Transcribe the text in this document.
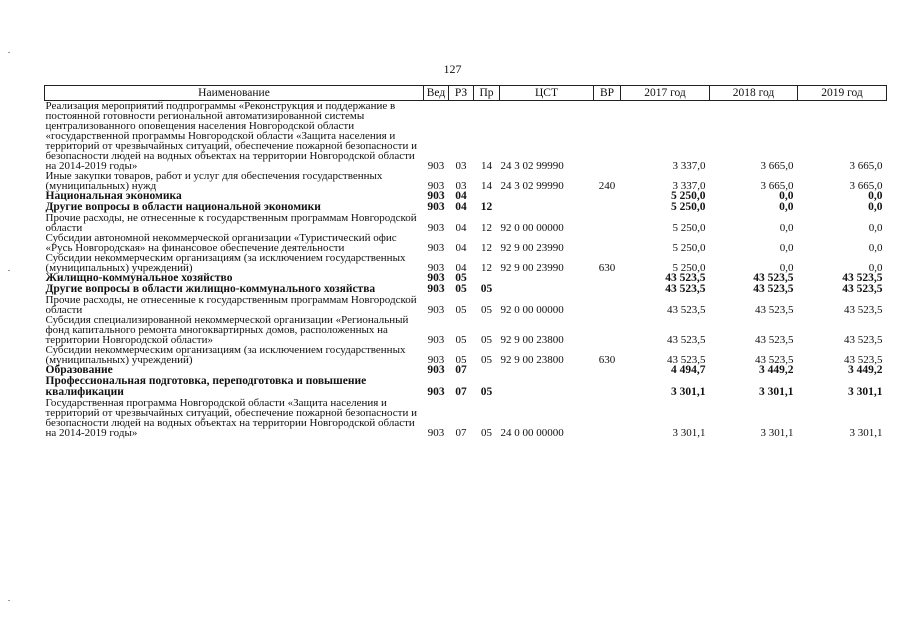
127
Наименование	Вед	РЗ	Пр	ЦСТ	ВР	2017 год	2018 год	2019 год
Реализация мероприятий подпрограммы «Реконструкция и поддержание в постоянной готовности региональной автоматизированной системы централизованного оповещения населения Новгородской области «государственной программы Новгородской области «Защита населения и территорий от чрезвычайных ситуаций, обеспечение пожарной безопасности и безопасности людей на водных объектах на территории Новгородской области на 2014-2019 годы»	903	03	14	24 3 02 99990		3 337,0	3 665,0	3 665,0
Иные закупки товаров, работ и услуг для обеспечения государственных (муниципальных) нужд	903	03	14	24 3 02 99990	240	3 337,0	3 665,0	3 665,0
Национальная экономика	903	04				5 250,0	0,0	0,0
Другие вопросы в области национальной экономики	903	04	12			5 250,0	0,0	0,0
Прочие расходы, не отнесенные к государственным программам Новгородской области	903	04	12	92 0 00 00000		5 250,0	0,0	0,0
Субсидии автономной некоммерческой организации «Туристический офис «Русь Новгородская» на финансовое обеспечение деятельности	903	04	12	92 9 00 23990		5 250,0	0,0	0,0
Субсидии некоммерческим организациям (за исключением государственных (муниципальных) учреждений)	903	04	12	92 9 00 23990	630	5 250,0	0,0	0,0
Жилищно-коммунальное хозяйство	903	05				43 523,5	43 523,5	43 523,5
Другие вопросы в области жилищно-коммунального хозяйства	903	05	05			43 523,5	43 523,5	43 523,5
Прочие расходы, не отнесенные к государственным программам Новгородской области	903	05	05	92 0 00 00000		43 523,5	43 523,5	43 523,5
Субсидия специализированной некоммерческой организации «Региональный фонд капитального ремонта многоквартирных домов, расположенных на территории Новгородской области»	903	05	05	92 9 00 23800		43 523,5	43 523,5	43 523,5
Субсидии некоммерческим организациям (за исключением государственных (муниципальных) учреждений)	903	05	05	92 9 00 23800	630	43 523,5	43 523,5	43 523,5
Образование	903	07				4 494,7	3 449,2	3 449,2
Профессиональная подготовка, переподготовка и повышение квалификации	903	07	05			3 301,1	3 301,1	3 301,1
Государственная программа Новгородской области «Защита населения и территорий от чрезвычайных ситуаций, обеспечение пожарной безопасности и безопасности людей на водных объектах на территории Новгородской области на 2014-2019 годы»	903	07	05	24 0 00 00000		3 301,1	3 301,1	3 301,1
